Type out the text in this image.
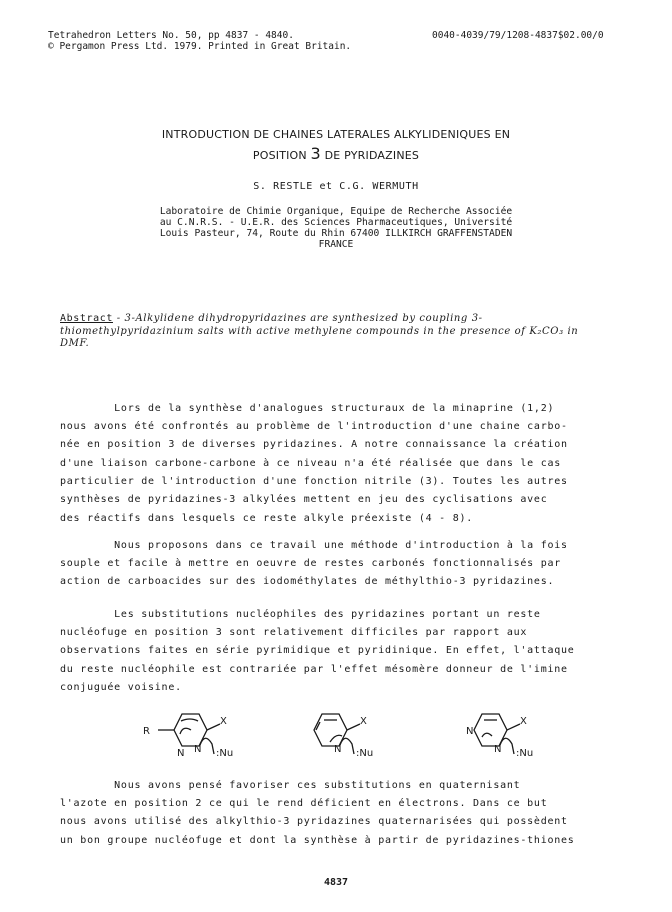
Tetrahedron Letters No. 50, pp 4837 - 4840.
© Pergamon Press Ltd. 1979. Printed in Great Britain.
0040-4039/79/1208-4837$02.00/0
INTRODUCTION DE CHAINES LATERALES ALKYLIDENIQUES EN
POSITION 3 DE PYRIDAZINES
S. RESTLE et C.G. WERMUTH
Laboratoire de Chimie Organique, Equipe de Recherche Associée
au C.N.R.S. - U.E.R. des Sciences Pharmaceutiques, Université
Louis Pasteur, 74, Route du Rhin 67400 ILLKIRCH GRAFFENSTADEN
FRANCE
Abstract - 3-Alkylidene dihydropyridazines are synthesized by coupling 3-thiomethylpyridazinium salts with active methylene compounds in the presence of K₂CO₃ in DMF.
Lors de la synthèse d'analogues structuraux de la minaprine (1,2)
nous avons été confrontés au problème de l'introduction d'une chaine carbo-
née en position 3 de diverses pyridazines. A notre connaissance la création
d'une liaison carbone-carbone à ce niveau n'a été réalisée que dans le cas
particulier de l'introduction d'une fonction nitrile (3). Toutes les autres
synthèses de pyridazines-3 alkylées mettent en jeu des cyclisations avec
des réactifs dans lesquels ce reste alkyle préexiste (4 - 8).
Nous proposons dans ce travail une méthode d'introduction à la fois
souple et facile à mettre en oeuvre de restes carbonés fonctionnalisés par
action de carboacides sur des iodométhylates de méthylthio-3 pyridazines.
Les substitutions nucléophiles des pyridazines portant un reste
nucléofuge en position 3 sont relativement difficiles par rapport aux
observations faites en série pyrimidique et pyridinique. En effet, l'attaque
du reste nucléophile est contrariée par l'effet mésomère donneur de l'imine
conjuguée voisine.
Nous avons pensé favoriser ces substitutions en quaternisant
l'azote en position 2 ce qui le rend déficient en électrons. Dans ce but
nous avons utilisé des alkylthio-3 pyridazines quaternarisées qui possèdent
un bon groupe nucléofuge et dont la synthèse à partir de pyridazines-thiones
R
X
:Nu
N N
X
:Nu
N
X
:Nu
N
N
4837
